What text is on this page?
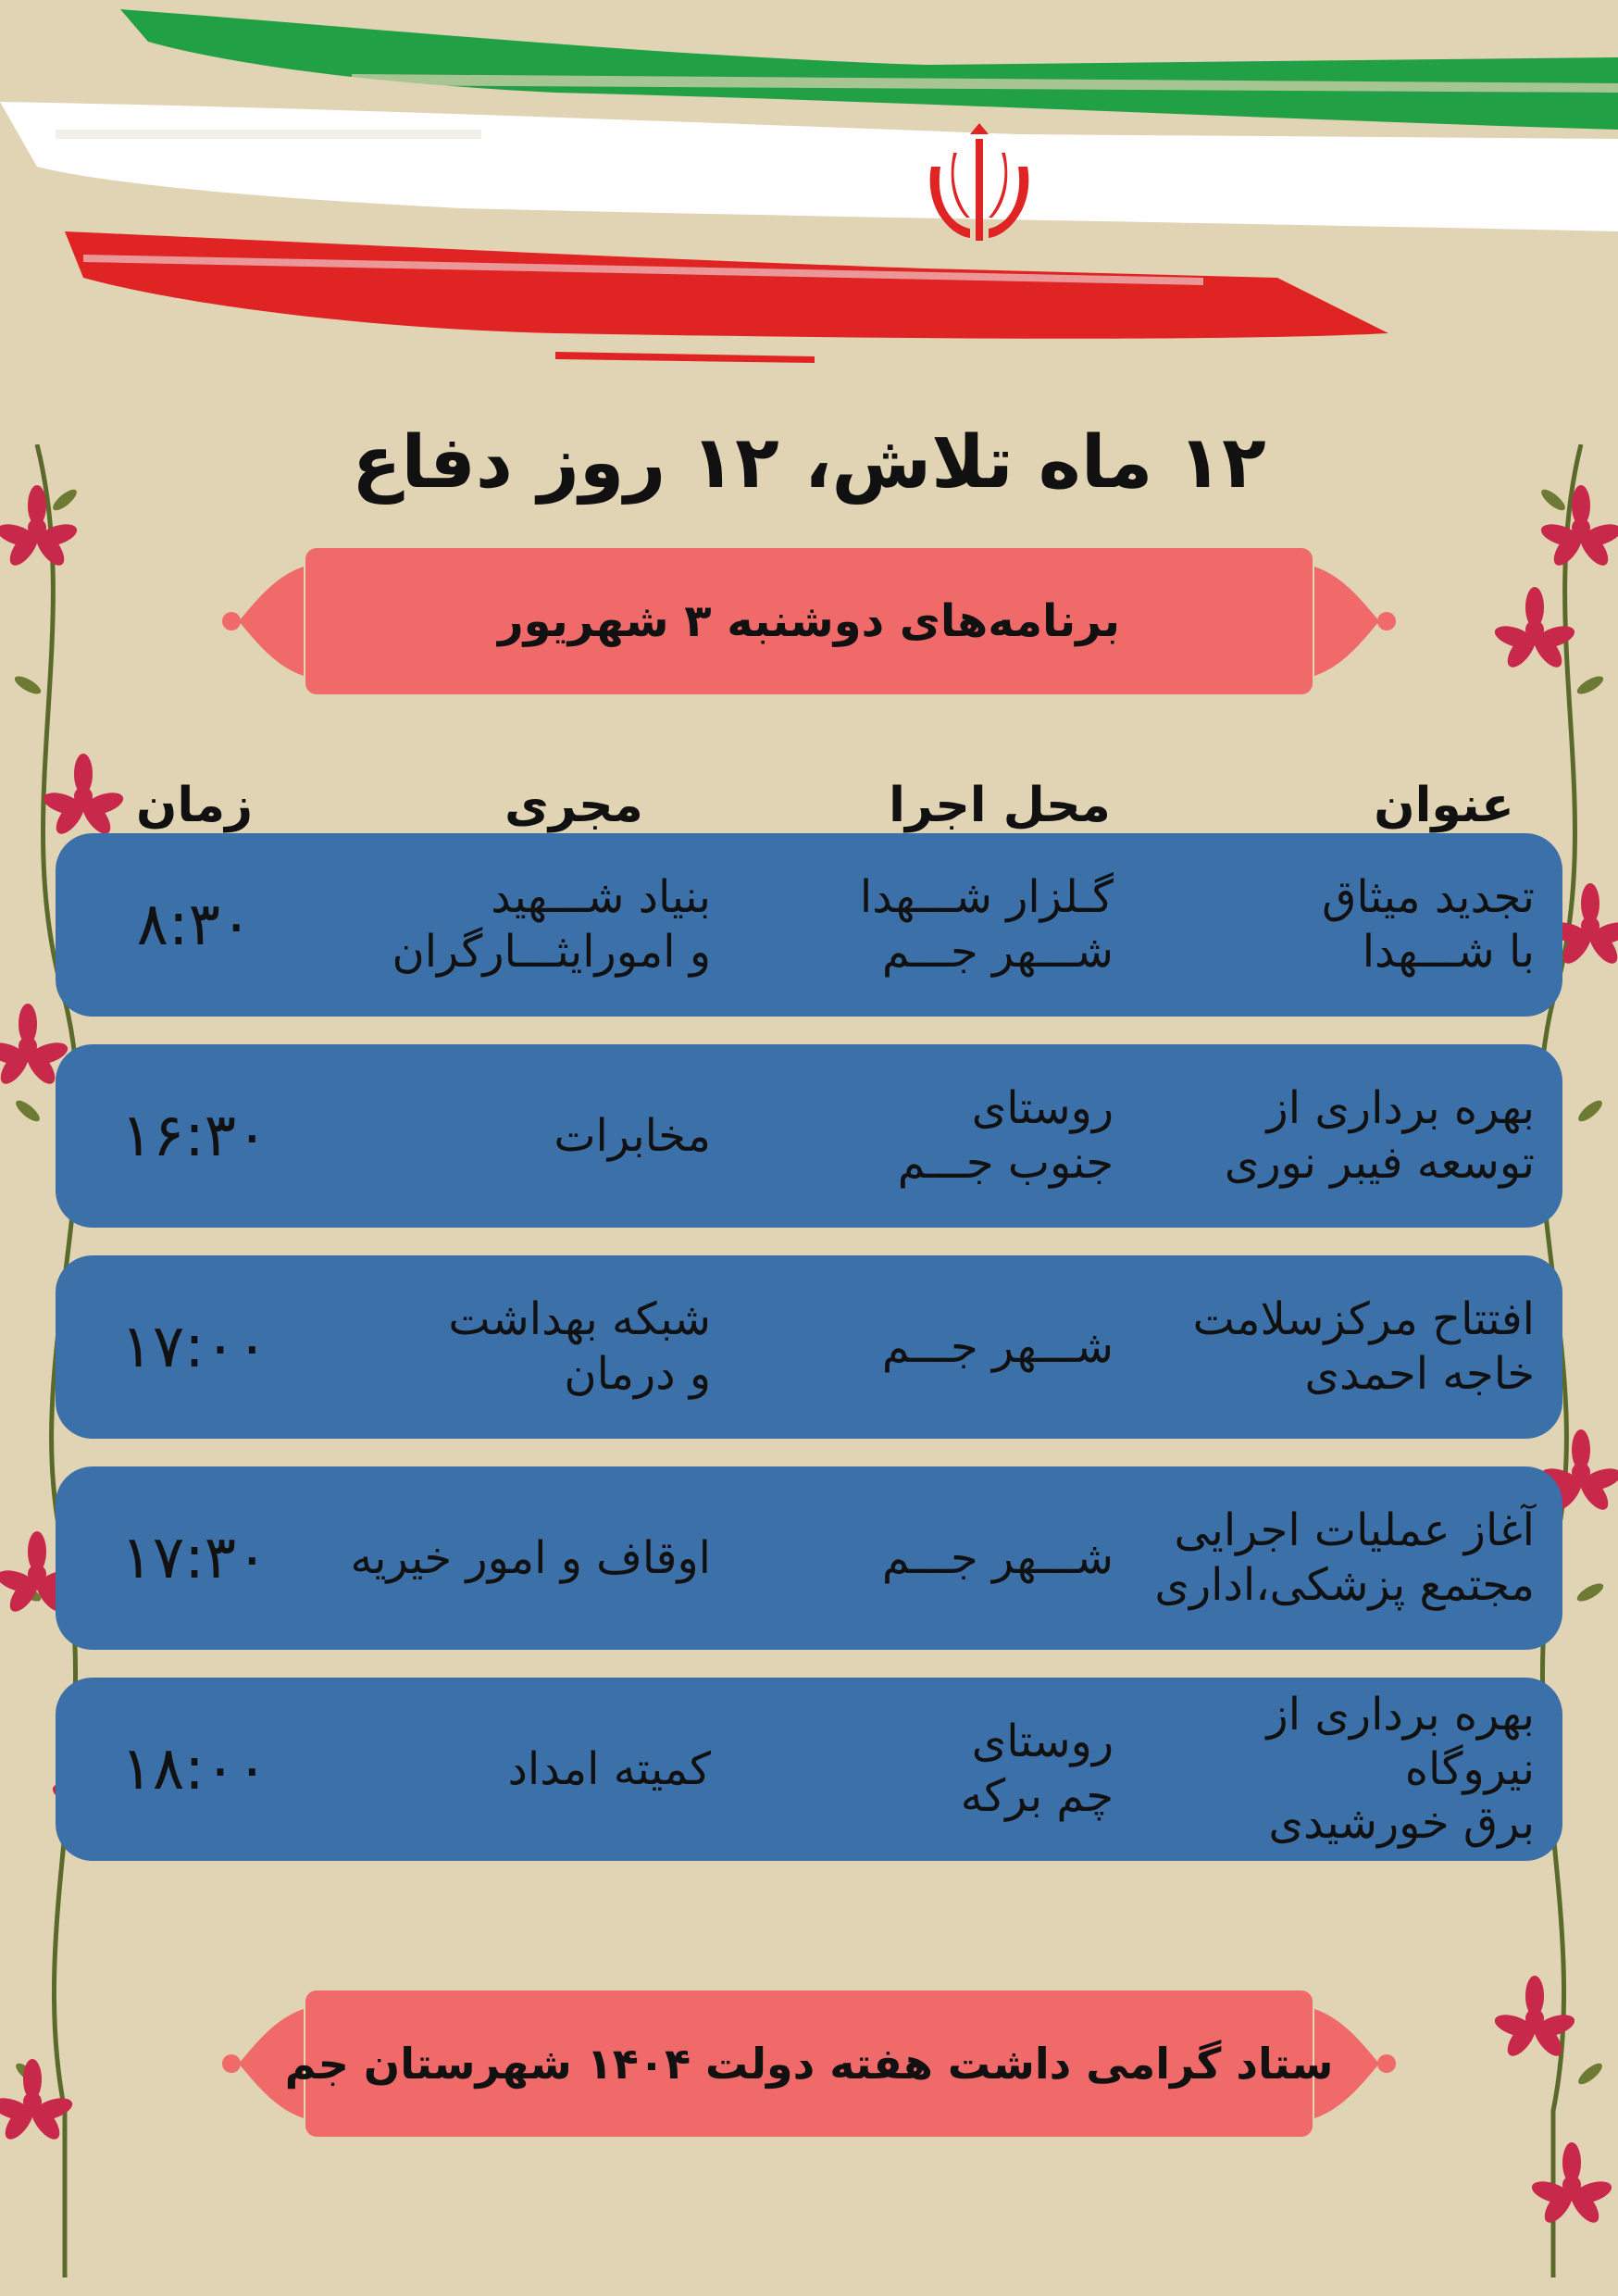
۱۲ ماه تلاش، ۱۲ روز دفاع

برنامه‌های دوشنبه ۳ شهریور

عنوان
محل اجرا
مجری
زمان
تجدید میثاق
با شـــهدا
گـلزار شـــهدا
شـــهر جـــم
بنیاد شـــهید
و امورایثـــارگران
۸:۳۰
بهره برداری از
توسعه فیبر نوری
روستای
جنوب جـــم
مخابرات
۱۶:۳۰
افتتاح مرکزسلامت
خاجه احمدی
شـــهر جـــم
شبکه بهداشت
و درمان
۱۷:۰۰
آغاز عملیات اجرایی
مجتمع پزشکی،اداری
شـــهر جـــم
اوقاف و امور خیریه
۱۷:۳۰
بهره برداری از نیروگاه
برق خورشیدی
روستای
چم برکه
کمیته امداد
۱۸:۰۰

ستاد گرامی داشت هفته دولت ۱۴۰۴ شهرستان جم
